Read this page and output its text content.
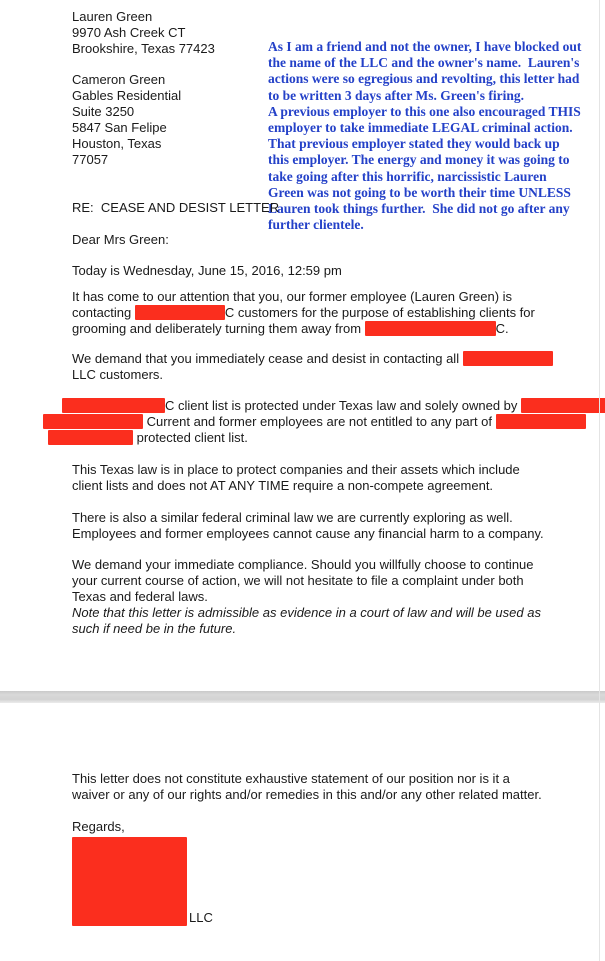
Lauren Green
9970 Ash Creek CT
Brookshire, Texas 77423
Cameron Green
Gables Residential
Suite 3250
5847 San Felipe
Houston, Texas
77057
As I am a friend and not the owner, I have blocked out
the name of the LLC and the owner's name.  Lauren's
actions were so egregious and revolting, this letter had
to be written 3 days after Ms. Green's firing.
A previous employer to this one also encouraged THIS
employer to take immediate LEGAL criminal action.
That previous employer stated they would back up
this employer. The energy and money it was going to
take going after this horrific, narcissistic Lauren
Green was not going to be worth their time UNLESS
Lauren took things further.  She did not go after any
further clientele.
RE:  CEASE AND DESIST LETTER
Dear Mrs Green:
Today is Wednesday, June 15, 2016, 12:59 pm
It has come to our attention that you, our former employee (Lauren Green) is
contacting	C customers for the purpose of establishing clients for
grooming and deliberately turning them away from	C.
We demand that you immediately cease and desist in contacting all
LLC customers.
C client list is protected under Texas law and solely owned by
Current and former employees are not entitled to any part of
protected client list.
This Texas law is in place to protect companies and their assets which include
client lists and does not AT ANY TIME require a non-compete agreement.
There is also a similar federal criminal law we are currently exploring as well.
Employees and former employees cannot cause any financial harm to a company.
We demand your immediate compliance. Should you willfully choose to continue
your current course of action, we will not hesitate to file a complaint under both
Texas and federal laws.
Note that this letter is admissible as evidence in a court of law and will be used as
such if need be in the future.
This letter does not constitute exhaustive statement of our position nor is it a
waiver or any of our rights and/or remedies in this and/or any other related matter.
Regards,
LLC
